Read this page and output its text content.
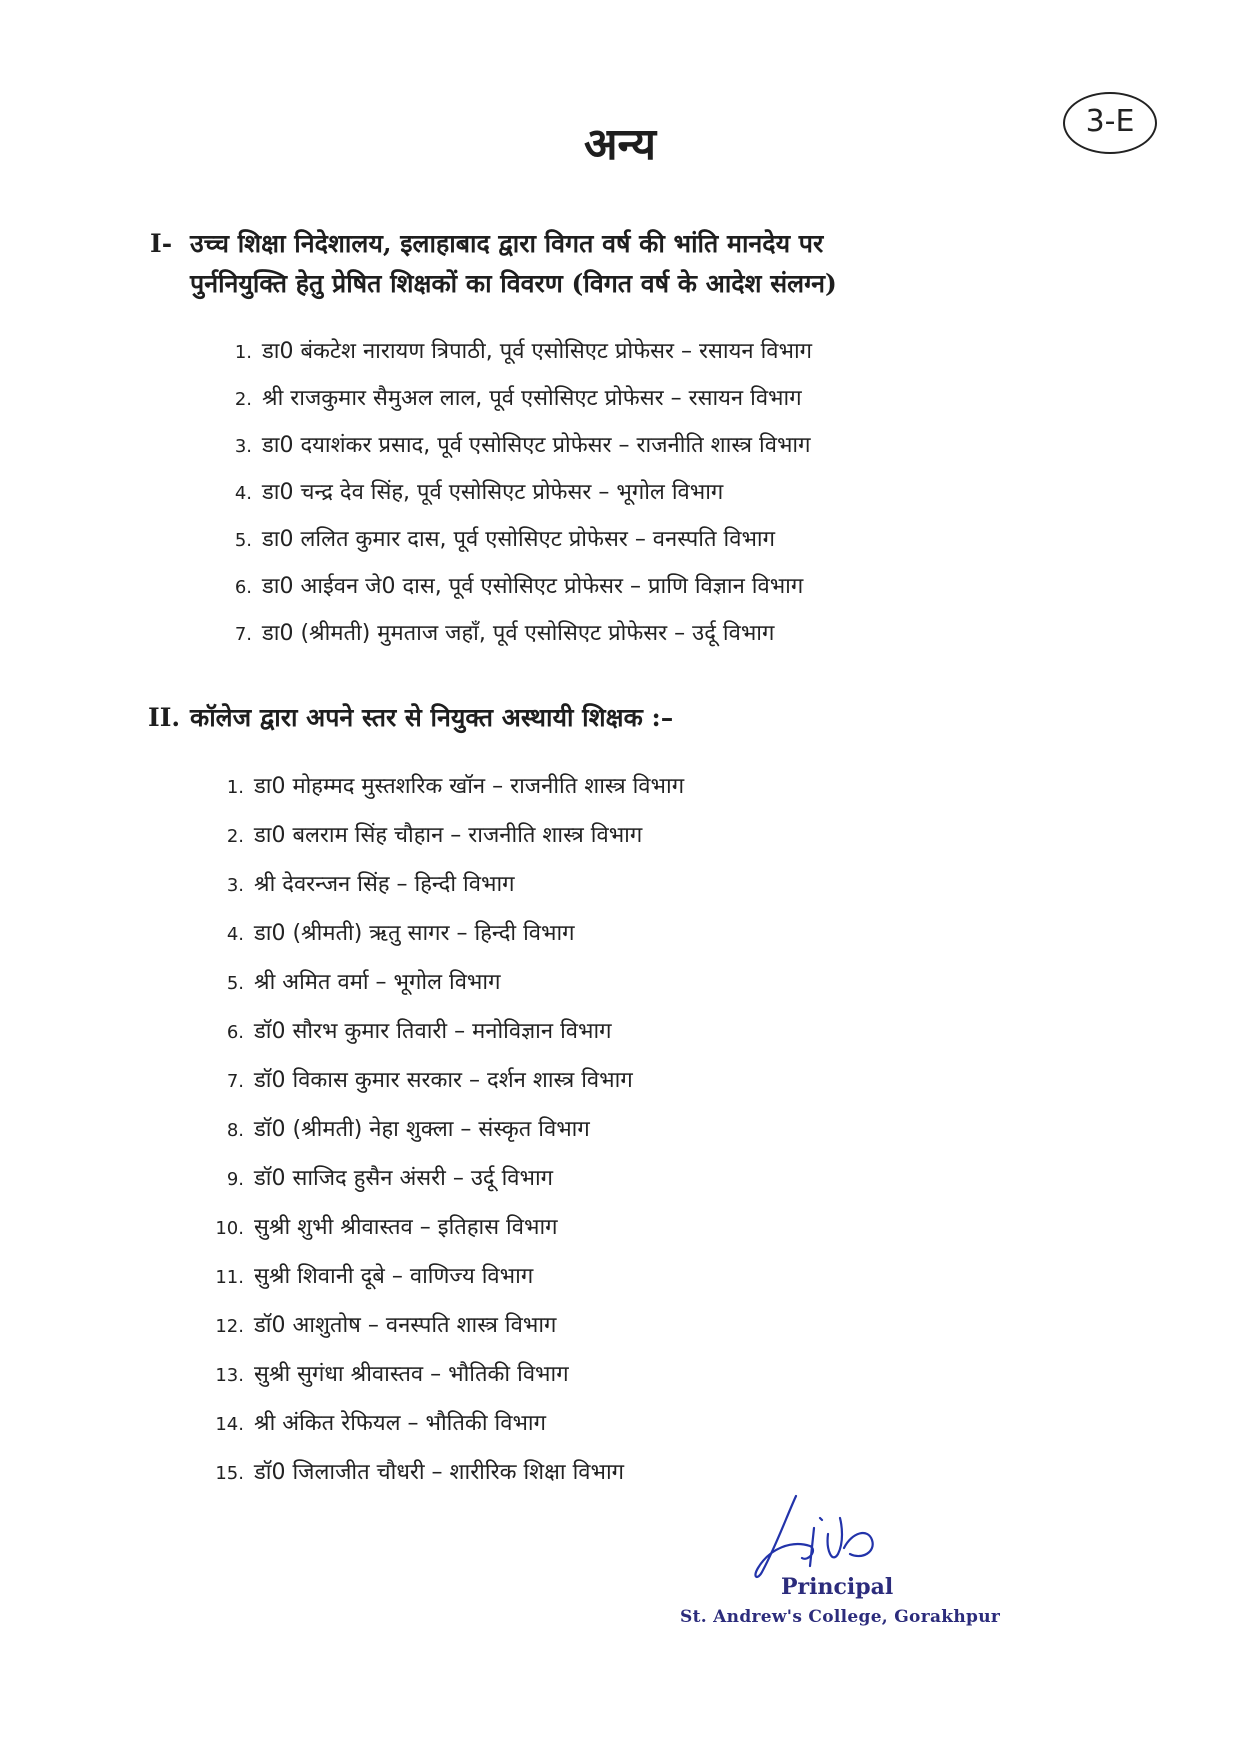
अन्य	3-E
I- उच्च शिक्षा निदेशालय, इलाहाबाद द्वारा विगत वर्ष की भांति मानदेय पर
पुर्ननियुक्ति हेतु प्रेषित शिक्षकों का विवरण (विगत वर्ष के आदेश संलग्न)
1. डा0 बंकटेश नारायण त्रिपाठी, पूर्व एसोसिएट प्रोफेसर – रसायन विभाग
2. श्री राजकुमार सैमुअल लाल, पूर्व एसोसिएट प्रोफेसर – रसायन विभाग
3. डा0 दयाशंकर प्रसाद, पूर्व एसोसिएट प्रोफेसर – राजनीति शास्त्र विभाग
4. डा0 चन्द्र देव सिंह, पूर्व एसोसिएट प्रोफेसर – भूगोल विभाग
5. डा0 ललित कुमार दास, पूर्व एसोसिएट प्रोफेसर – वनस्पति विभाग
6. डा0 आईवन जे0 दास, पूर्व एसोसिएट प्रोफेसर – प्राणि विज्ञान विभाग
7. डा0 (श्रीमती) मुमताज जहाँ, पूर्व एसोसिएट प्रोफेसर – उर्दू विभाग
II. कॉलेज द्वारा अपने स्तर से नियुक्त अस्थायी शिक्षक :–
1. डा0 मोहम्मद मुस्तशरिक खॉन – राजनीति शास्त्र विभाग
2. डा0 बलराम सिंह चौहान – राजनीति शास्त्र विभाग
3. श्री देवरन्जन सिंह – हिन्दी विभाग
4. डा0 (श्रीमती) ऋतु सागर – हिन्दी विभाग
5. श्री अमित वर्मा – भूगोल विभाग
6. डॉ0 सौरभ कुमार तिवारी – मनोविज्ञान विभाग
7. डॉ0 विकास कुमार सरकार – दर्शन शास्त्र विभाग
8. डॉ0 (श्रीमती) नेहा शुक्ला – संस्कृत विभाग
9. डॉ0 साजिद हुसैन अंसरी – उर्दू विभाग
10. सुश्री शुभी श्रीवास्तव – इतिहास विभाग
11. सुश्री शिवानी दूबे – वाणिज्य विभाग
12. डॉ0 आशुतोष – वनस्पति शास्त्र विभाग
13. सुश्री सुगंधा श्रीवास्तव – भौतिकी विभाग
14. श्री अंकित रेफियल – भौतिकी विभाग
15. डॉ0 जिलाजीत चौधरी – शारीरिक शिक्षा विभाग
Principal
St. Andrew's College, Gorakhpur
